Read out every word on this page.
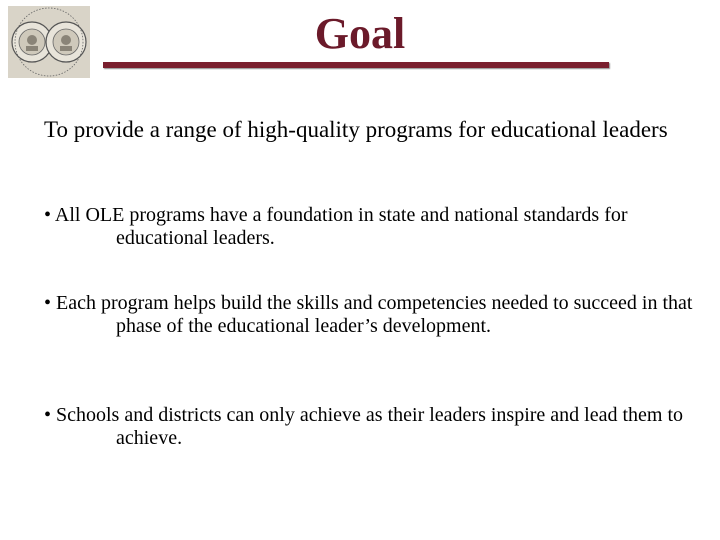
Goal
To provide a range of high-quality programs for educational leaders
• All OLE programs have a foundation in state and national standards for educational leaders.
• Each program helps build the skills and competencies needed to succeed in that phase of the educational leader’s development.
• Schools and districts can only achieve as their leaders inspire and lead them to achieve.
